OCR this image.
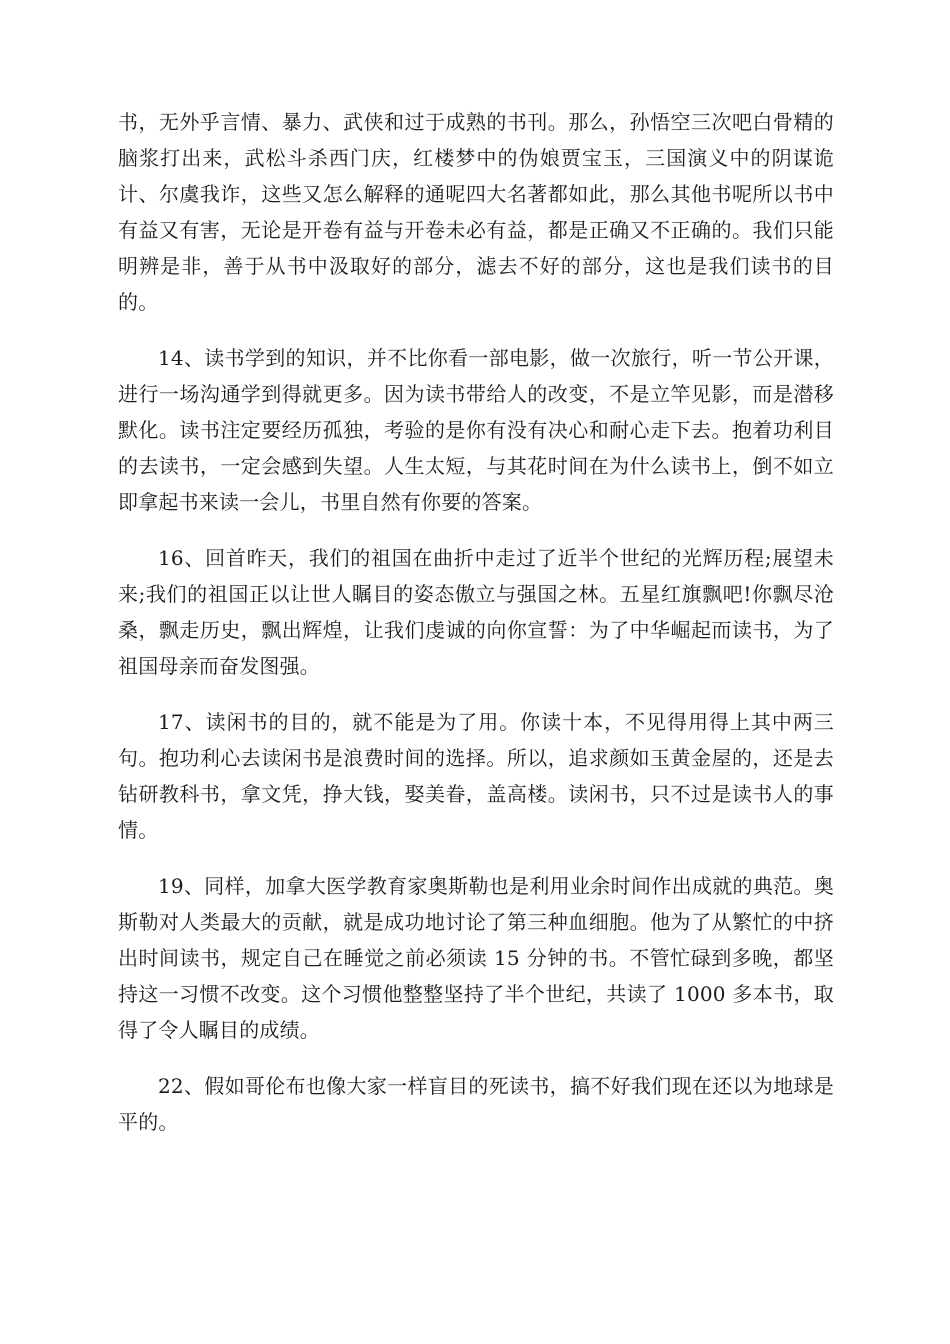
书，无外乎言情、暴力、武侠和过于成熟的书刊。那么，孙悟空三次吧白骨精的脑浆打出来，武松斗杀西门庆，红楼梦中的伪娘贾宝玉，三国演义中的阴谋诡计、尔虞我诈，这些又怎么解释的通呢四大名著都如此，那么其他书呢所以书中有益又有害，无论是开卷有益与开卷未必有益，都是正确又不正确的。我们只能明辨是非，善于从书中汲取好的部分，滤去不好的部分，这也是我们读书的目的。

14、读书学到的知识，并不比你看一部电影，做一次旅行，听一节公开课，进行一场沟通学到得就更多。因为读书带给人的改变，不是立竿见影，而是潜移默化。读书注定要经历孤独，考验的是你有没有决心和耐心走下去。抱着功利目的去读书，一定会感到失望。人生太短，与其花时间在为什么读书上，倒不如立即拿起书来读一会儿，书里自然有你要的答案。

16、回首昨天，我们的祖国在曲折中走过了近半个世纪的光辉历程;展望未来;我们的祖国正以让世人瞩目的姿态傲立与强国之林。五星红旗飘吧!你飘尽沧桑，飘走历史，飘出辉煌，让我们虔诚的向你宣誓：为了中华崛起而读书，为了祖国母亲而奋发图强。

17、读闲书的目的，就不能是为了用。你读十本，不见得用得上其中两三句。抱功利心去读闲书是浪费时间的选择。所以，追求颜如玉黄金屋的，还是去钻研教科书，拿文凭，挣大钱，娶美眷，盖高楼。读闲书，只不过是读书人的事情。

19、同样，加拿大医学教育家奥斯勒也是利用业余时间作出成就的典范。奥斯勒对人类最大的贡献，就是成功地讨论了第三种血细胞。他为了从繁忙的中挤出时间读书，规定自己在睡觉之前必须读 15 分钟的书。不管忙碌到多晚，都坚持这一习惯不改变。这个习惯他整整坚持了半个世纪，共读了 1000 多本书，取得了令人瞩目的成绩。

22、假如哥伦布也像大家一样盲目的死读书，搞不好我们现在还以为地球是平的。
